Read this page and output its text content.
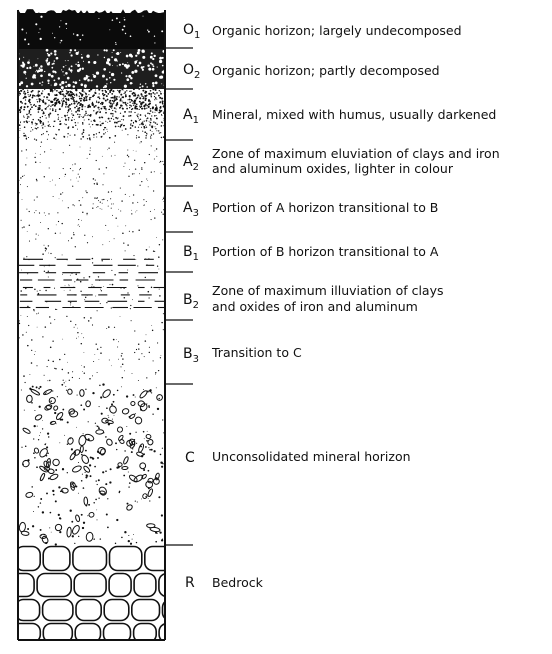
$O_1$ Organic horizon; largely undecomposed
$O_2$ Organic horizon; partly decomposed
$A_1$ Mineral, mixed with humus, usually darkened
$A_2$
Zone of maximum eluviation of clays and iron
and aluminum oxides, lighter in colour
$A_3$ Portion of A horizon transitional to B
$B_1$ Portion of B horizon transitional to A
$B_2$
Zone of maximum illuviation of clays
and oxides of iron and aluminum
$B_3$ Transition to C
C Unconsolidated mineral horizon
R Bedrock
